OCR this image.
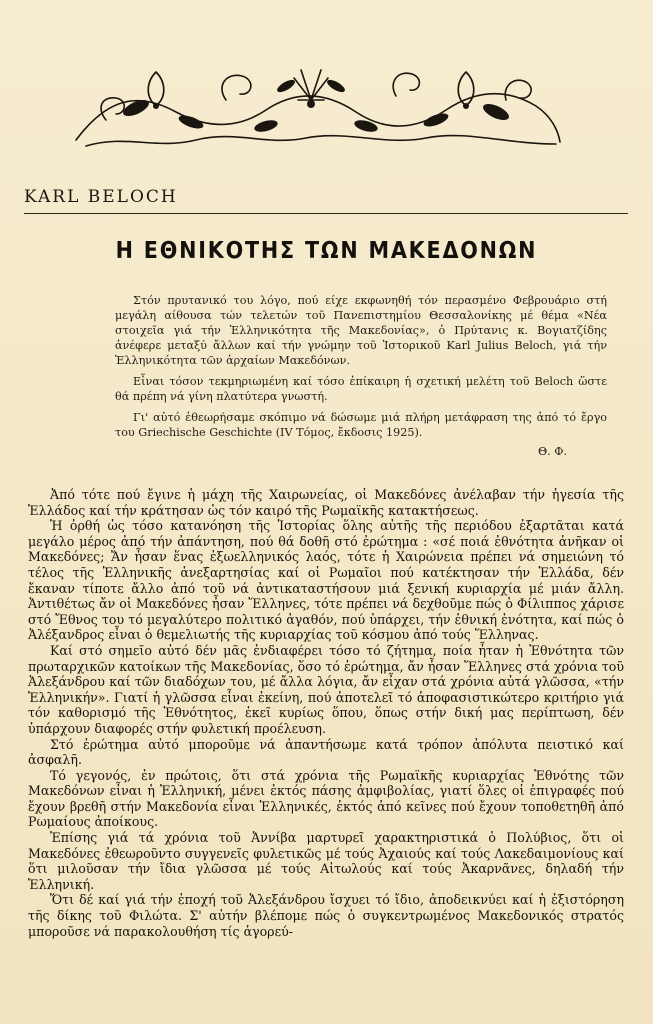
KARL BELOCH
Η ΕΘΝΙΚΟΤΗΣ ΤΩΝ ΜΑΚΕΔΟΝΩΝ

Στόν πρυτανικό του λόγο, πού είχε εκφωνηθή τόν περασμένο Φεβρουάριο στή μεγάλη αίθουσα τών τελετών τοῦ Πανεπιστημίου Θεσσαλονίκης μέ θέμα «Νέα στοιχεῖα γιά τήν Ἑλληνικότητα τῆς Μακεδονίας», ὁ Πρύτανις κ. Βογιατζίδης ἀνέφερε μεταξύ ἄλλων καί τήν γνώμην τοῦ Ἱστορικοῦ Karl Julius Beloch, γιά τήν Ἑλληνικότητα τῶν ἀρχαίων Μακεδόνων.

Εἶναι τόσον τεκμηριωμένη καί τόσο ἐπίκαιρη ἡ σχετική μελέτη τοῦ Beloch ὥστε θά πρέπη νά γίνη πλατύτερα γνωστή.

Γι' αὐτό ἐθεωρήσαμε σκόπιμο νά δώσωμε μιά πλήρη μετάφραση της ἀπό τό ἔργο του Griechische Geschichte (IV Τόμος, ἔκδοσις 1925).

Θ. Φ.

Ἀπό τότε πού ἔγινε ἡ μάχη τῆς Χαιρωνείας, οἱ Μακεδόνες ἀνέλαβαν τήν ἡγεσία τῆς Ἑλλάδος καί τήν κράτησαν ὡς τόν καιρό τῆς Ρωμαϊκῆς κατακτήσεως.

Ἡ ὀρθή ὡς τόσο κατανόηση τῆς Ἱστορίας ὅλης αὐτῆς τῆς περιόδου ἐξαρτᾶται κατά μεγάλο μέρος ἀπό τήν ἀπάντηση, πού θά δοθῆ στό ἐρώτημα : «σέ ποιά ἐθνότητα ἀνῆκαν οἱ Μακεδόνες; Ἄν ἦσαν ἕνας ἐξωελληνικός λαός, τότε ἡ Χαιρώνεια πρέπει νά σημειώνη τό τέλος τῆς Ἑλληνικῆς ἀνεξαρτησίας καί οἱ Ρωμαῖοι πού κατέκτησαν τήν Ἑλλάδα, δέν ἔκαναν τίποτε ἄλλο ἀπό τοῦ νά ἀντικαταστήσουν μιά ξενική κυριαρχία μέ μιάν ἄλλη. Ἀντιθέτως ἄν οἱ Μακεδόνες ἦσαν Ἕλληνες, τότε πρέπει νά δεχθοῦμε πώς ὁ Φίλιππος χάρισε στό Ἔθνος του τό μεγαλύτερο πολιτικό ἀγαθόν, πού ὑπάρχει, τήν ἐθνική ἑνότητα, καί πώς ὁ Ἀλέξανδρος εἶναι ὁ θεμελιωτής τῆς κυριαρχίας τοῦ κόσμου ἀπό τούς Ἕλληνας.

Καί στό σημεῖο αὐτό δέν μᾶς ἐνδιαφέρει τόσο τό ζήτημα, ποία ἦταν ἡ Ἐθνότητα τῶν πρωταρχικῶν κατοίκων τῆς Μακεδονίας, ὅσο τό ἐρώτημα, ἄν ἦσαν Ἕλληνες στά χρόνια τοῦ Ἀλεξάνδρου καί τῶν διαδόχων του, μέ ἄλλα λόγια, ἄν εἶχαν στά χρόνια αὐτά γλῶσσα, «τήν Ἑλληνικήν». Γιατί ἡ γλῶσσα εἶναι ἐκείνη, πού ἀποτελεῖ τό ἀποφασιστικώτερο κριτήριο γιά τόν καθορισμό τῆς Ἐθνότητος, ἐκεῖ κυρίως ὅπου, ὅπως στήν δική μας περίπτωση, δέν ὑπάρχουν διαφορές στήν φυλετική προέλευση.

Στό ἐρώτημα αὐτό μποροῦμε νά ἀπαντήσωμε κατά τρόπον ἀπόλυτα πειστικό καί ἀσφαλῆ.

Τό γεγονός, ἐν πρώτοις, ὅτι στά χρόνια τῆς Ρωμαϊκῆς κυριαρχίας Ἐθνότης τῶν Μακεδόνων εἶναι ἡ Ἑλληνική, μένει ἐκτός πάσης ἀμφιβολίας, γιατί ὅλες οἱ ἐπιγραφές πού ἔχουν βρεθῆ στήν Μακεδονία εἶναι Ἑλληνικές, ἐκτός ἀπό κεῖνες πού ἔχουν τοποθετηθῆ ἀπό Ρωμαίους ἀποίκους.

Ἐπίσης γιά τά χρόνια τοῦ Ἀννίβα μαρτυρεῖ χαρακτηριστικά ὁ Πολύβιος, ὅτι οἱ Μακεδόνες ἐθεωροῦντο συγγενεῖς φυλετικῶς μέ τούς Ἀχαιούς καί τούς Λακεδαιμονίους καί ὅτι μιλοῦσαν τήν ἴδια γλῶσσα μέ τούς Αἰτωλούς καί τούς Ἀκαρνᾶνες, δηλαδή τήν Ἑλληνική.

Ὅτι δέ καί γιά τήν ἐποχή τοῦ Ἀλεξάνδρου ἴσχυει τό ἴδιο, ἀποδεικνύει καί ἡ ἐξιστόρηση τῆς δίκης τοῦ Φιλώτα. Σ' αὐτήν βλέπομε πώς ὁ συγκεντρωμένος Μακεδονικός στρατός μποροῦσε νά παρακολουθήση τίς ἀγορεύ-
